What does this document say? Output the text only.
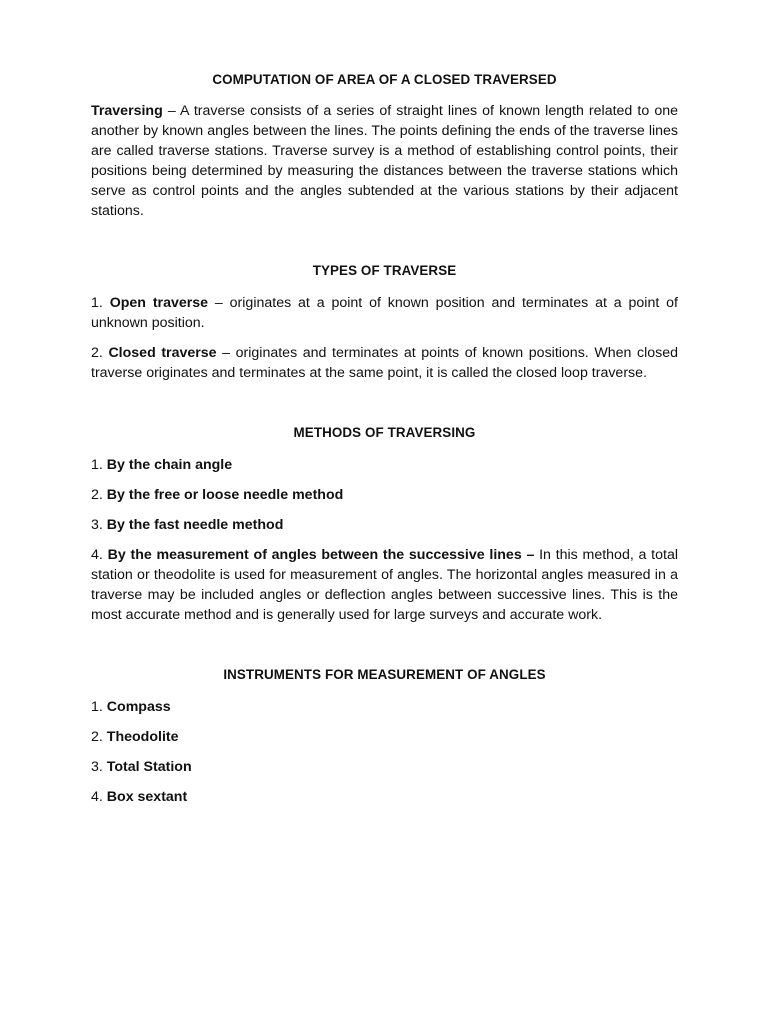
COMPUTATION OF AREA OF A CLOSED TRAVERSED

Traversing – A traverse consists of a series of straight lines of known length related to one another by known angles between the lines. The points defining the ends of the traverse lines are called traverse stations. Traverse survey is a method of establishing control points, their positions being determined by measuring the distances between the traverse stations which serve as control points and the angles subtended at the various stations by their adjacent stations.

TYPES OF TRAVERSE

1. Open traverse – originates at a point of known position and terminates at a point of unknown position.

2. Closed traverse – originates and terminates at points of known positions. When closed traverse originates and terminates at the same point, it is called the closed loop traverse.

METHODS OF TRAVERSING

1. By the chain angle

2. By the free or loose needle method

3. By the fast needle method

4. By the measurement of angles between the successive lines – In this method, a total station or theodolite is used for measurement of angles. The horizontal angles measured in a traverse may be included angles or deflection angles between successive lines. This is the most accurate method and is generally used for large surveys and accurate work.

INSTRUMENTS FOR MEASUREMENT OF ANGLES

1. Compass

2. Theodolite

3. Total Station

4. Box sextant
